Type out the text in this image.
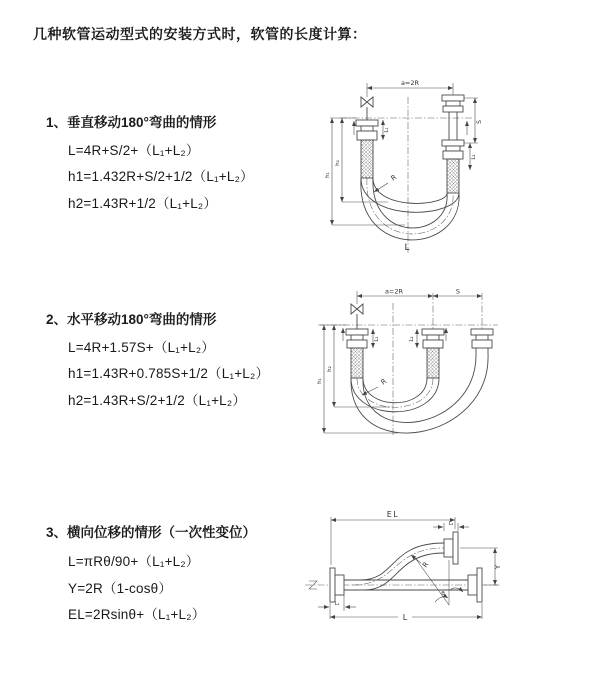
几种软管运动型式的安装方式时，软管的长度计算：
1、垂直移动180°弯曲的情形
L=4R+S/2+（L₁+L₂）
h1=1.432R+S/2+1/2（L₁+L₂）
h2=1.43R+1/2（L₁+L₂）
2、水平移动180°弯曲的情形
L=4R+1.57S+（L₁+L₂）
h1=1.43R+0.785S+1/2（L₁+L₂）
h2=1.43R+S/2+1/2（L₁+L₂）
3、横向位移的情形（一次性变位）
L=πRθ/90+（L₁+L₂）
Y=2R（1-cosθ）
EL=2Rsinθ+（L₁+L₂）
a=2R
S
L₂
L₁
h₁
h₂
R
L
a=2R	S
h₁
h₂
L₁	L₂
R
EL
L₂
Y
L
L₁
R
θ
